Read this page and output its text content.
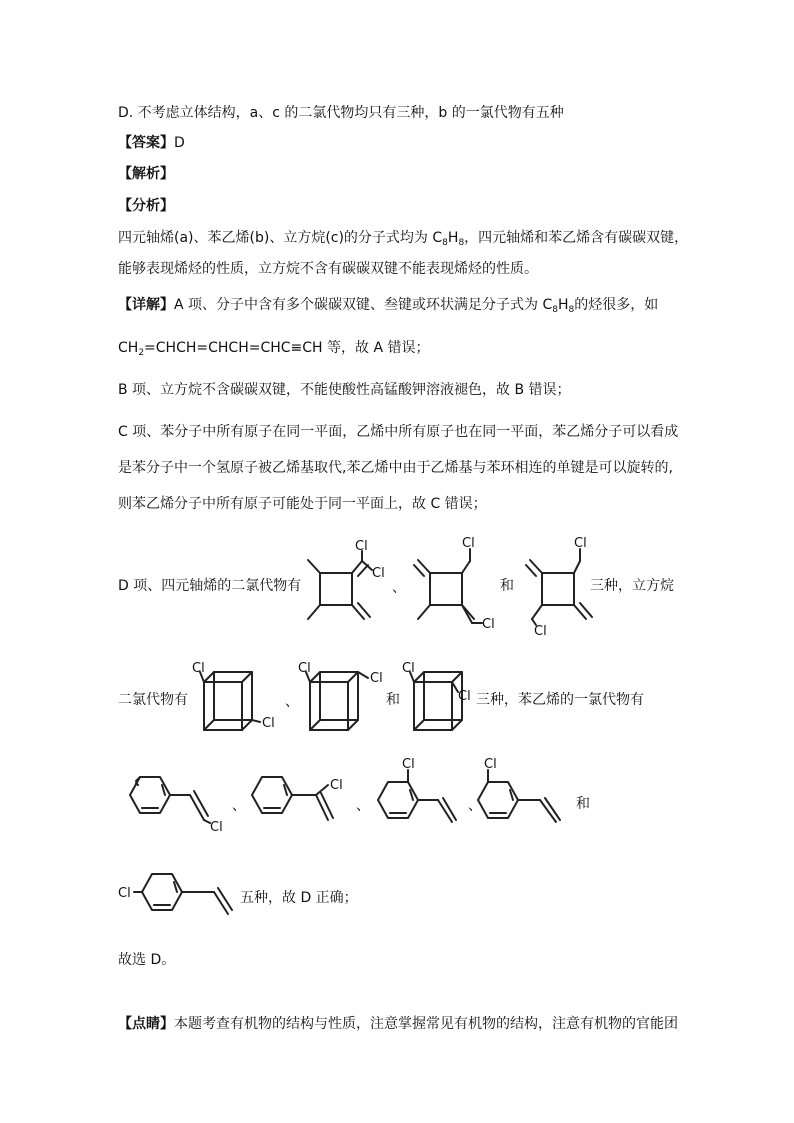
D. 不考虑立体结构，a、c 的二氯代物均只有三种，b 的一氯代物有五种
【答案】D
【解析】
【分析】
四元轴烯(a)、苯乙烯(b)、立方烷(c)的分子式均为 $C_8H_8$，四元轴烯和苯乙烯含有碳碳双键，
能够表现烯烃的性质，立方烷不含有碳碳双键不能表现烯烃的性质。
【详解】A 项、分子中含有多个碳碳双键、叁键或环状满足分子式为 $C_8H_8$的烃很多，如
$CH_2=CHCH=CHCH=CHC\equiv CH$ 等，故 A 错误；
B 项、立方烷不含碳碳双键，不能使酸性高锰酸钾溶液褪色，故 B 错误；
C 项、苯分子中所有原子在同一平面，乙烯中所有原子也在同一平面，苯乙烯分子可以看成
是苯分子中一个氢原子被乙烯基取代,苯乙烯中由于乙烯基与苯环相连的单键是可以旋转的,
则苯乙烯分子中所有原子可能处于同一平面上，故 C 错误；
D 项、四元轴烯的二氯代物有
Cl
Cl
、
Cl
Cl
和
Cl
Cl
三种，立方烷
二氯代物有
Cl
Cl
、
Cl
Cl
和
Cl
Cl 三种，苯乙烯的一氯代物有
Cl
、
Cl
、
Cl
、
Cl
和
Cl	五种，故 D 正确；
故选 D。
【点睛】本题考查有机物的结构与性质，注意掌握常见有机物的结构，注意有机物的官能团
